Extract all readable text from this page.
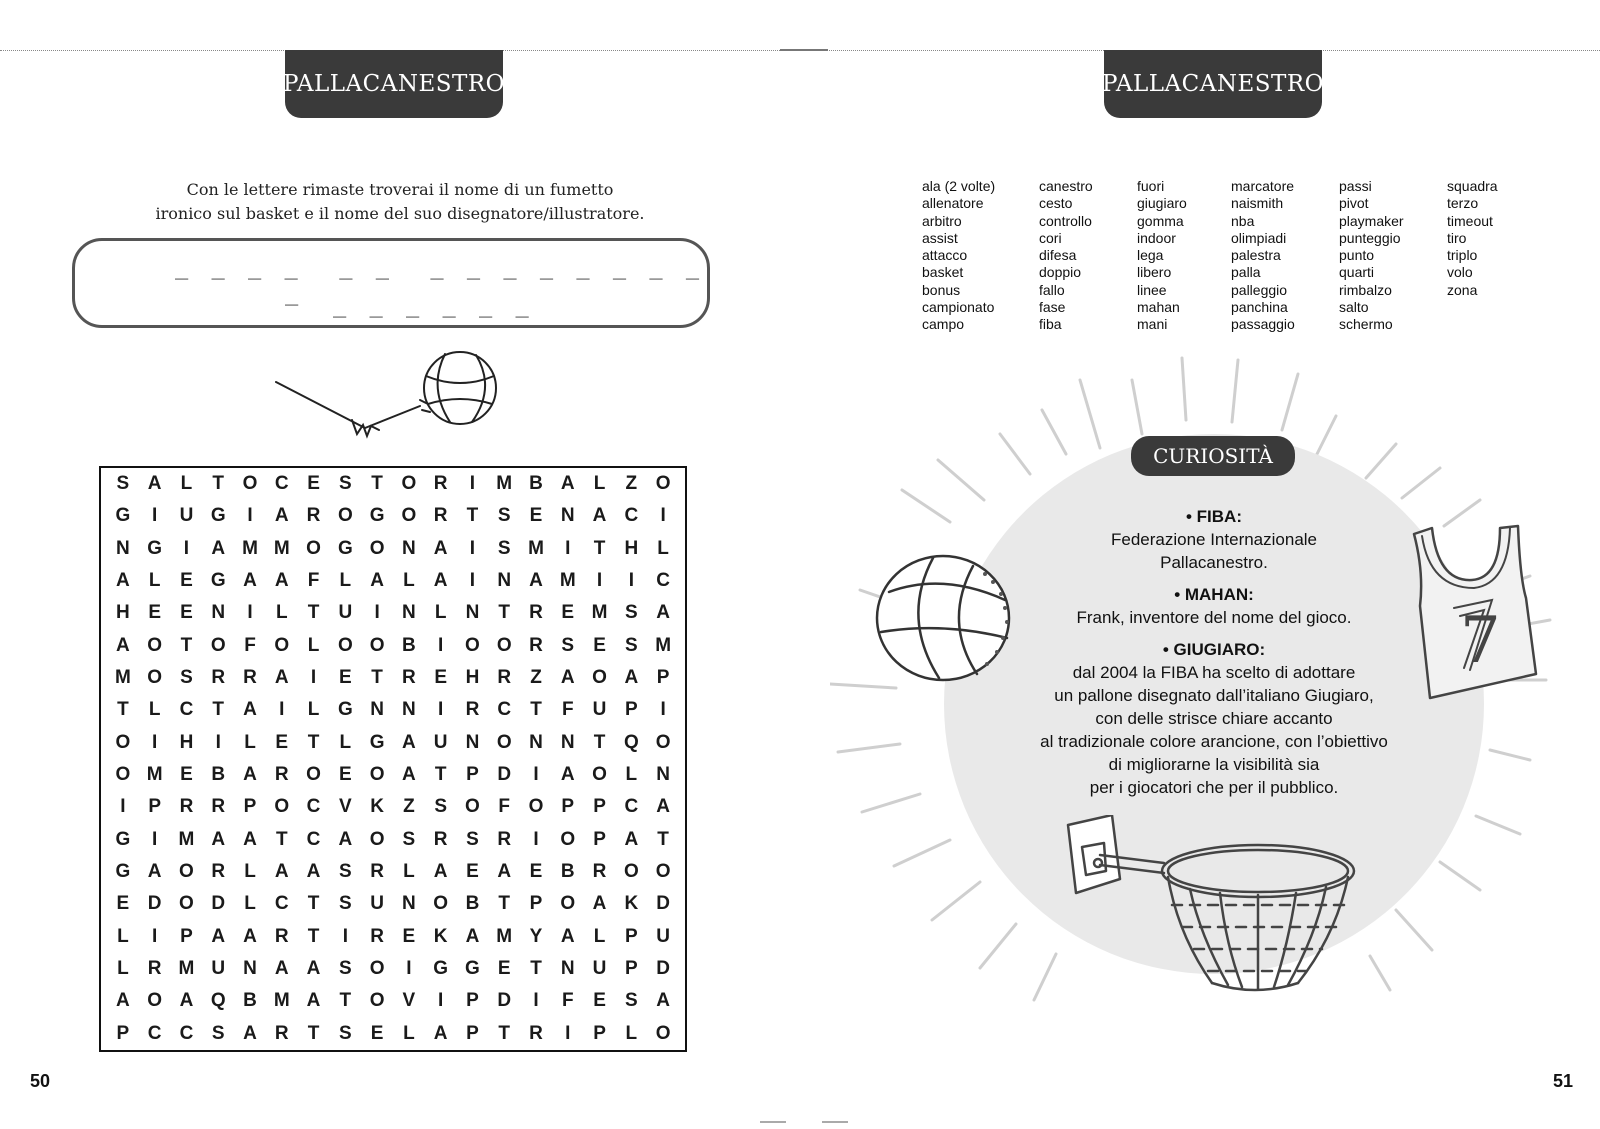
PALLACANESTRO
Con le lettere rimaste troverai il nome di un fumetto
ironico sul basket e il nome del suo disegnatore/illustratore.
_ _ _ _  _ _  _ _ _ _ _ _ _ _
_ _ _ _ _ _ _
S A	L	T O C E	S	T O R	I	M B A	L	Z O
G	I	U G	I	A R O G O R	T	S	E N A C	I
N G	I	A M M O G O N A	I	S M	I	T	H	L
A	L	E G A A	F	L	A	L	A	I	N A M	I	I	C
H E	E N	I	L	T	U	I	N	L	N	T	R E M S A
A O T O F O L O O B	I	O O R S	E	S M
M O S R R A	I	E	T	R E H R	Z	A O A P
T	L	C	T	A	I	L G N N	I	R C	T	F	U P	I
O	I	H	I	L	E	T	L G A U N O N N	T Q O
O M E B A R O E O A	T	P D	I	A O L	N
I	P R R P O C V K	Z	S O F O P	P C A
G	I	M A A	T	C A O S R S R	I	O P A	T
G A O R	L	A A S R	L	A E A E B R O O
E D O D	L	C	T	S U N O B	T	P O A K D
L	I	P A A R	T	I	R E K A M Y A	L	P U
L	R M U N A A S O	I	G G E	T	N U P D
A O A Q B M A	T O V	I	P D	I	F	E	S A
P C C S A R	T	S	E	L	A P	T	R	I	P	L O
50
PALLACANESTRO
ala (2 volte)
allenatore
arbitro
assist
attacco
basket
bonus
campionato
campo
canestro
cesto
controllo
cori
difesa
doppio
fallo
fase
fiba
fuori
giugiaro
gomma
indoor
lega
libero
linee
mahan
mani
marcatore
naismith
nba
olimpiadi
palestra
palla
palleggio
panchina
passaggio
passi
pivot
playmaker
punteggio
punto
quarti
rimbalzo
salto
schermo
squadra
terzo
timeout
tiro
triplo
volo
zona
CURIOSITÀ
• FIBA:
Federazione Internazionale
Pallacanestro.
• MAHAN:
Frank, inventore del nome del gioco.
• GIUGIARO:
dal 2004 la FIBA ha scelto di adottare
un pallone disegnato dall’italiano Giugiaro,
con delle strisce chiare accanto
al tradizionale colore arancione, con l’obiettivo
di migliorarne la visibilità sia
per i giocatori che per il pubblico.
7
51
